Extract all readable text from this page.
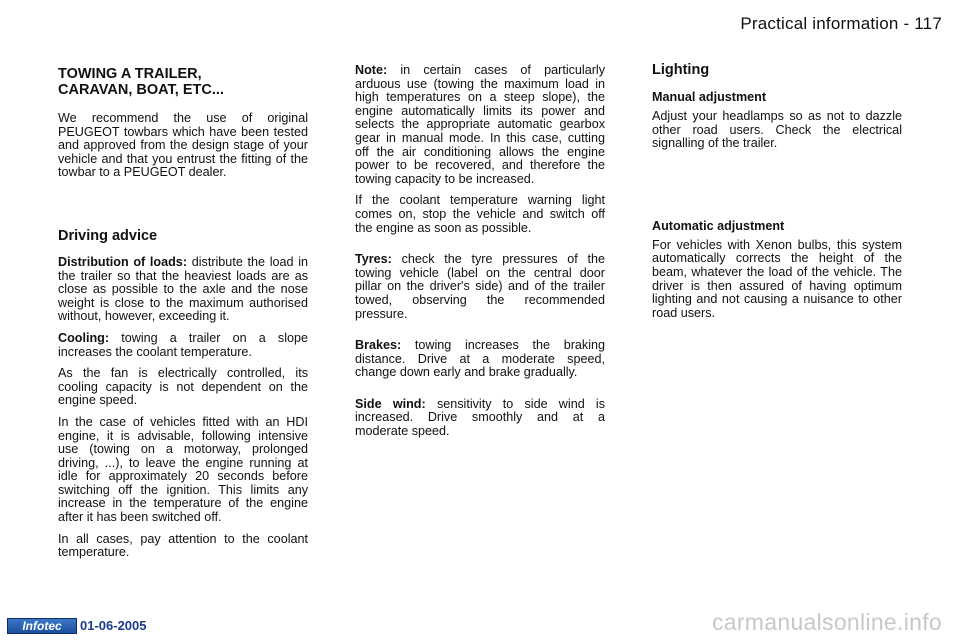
Practical information - 117
TOWING A TRAILER,
CARAVAN, BOAT, ETC...

We recommend the use of original PEUGEOT towbars which have been tested and approved from the design stage of your vehicle and that you entrust the fitting of the towbar to a PEUGEOT dealer.

Driving advice

Distribution of loads: distribute the load in the trailer so that the heaviest loads are as close as possible to the axle and the nose weight is close to the maximum authorised without, however, exceeding it.

Cooling: towing a trailer on a slope increases the coolant temperature.

As the fan is electrically controlled, its cooling capacity is not dependent on the engine speed.

In the case of vehicles fitted with an HDI engine, it is advisable, following intensive use (towing on a motorway, prolonged driving, ...), to leave the engine running at idle for approximately 20 seconds before switching off the ignition. This limits any increase in the temperature of the engine after it has been switched off.

In all cases, pay attention to the coolant temperature.

Note: in certain cases of particularly arduous use (towing the maximum load in high temperatures on a steep slope), the engine automatically limits its power and selects the appropriate automatic gearbox gear in manual mode. In this case, cutting off the air conditioning allows the engine power to be recovered, and therefore the towing capacity to be increased.

If the coolant temperature warning light comes on, stop the vehicle and switch off the engine as soon as possible.

Tyres: check the tyre pressures of the towing vehicle (label on the central door pillar on the driver's side) and of the trailer towed, observing the recommended pressure.

Brakes: towing increases the braking distance. Drive at a moderate speed, change down early and brake gradually.

Side wind: sensitivity to side wind is increased. Drive smoothly and at a moderate speed.

Lighting
Manual adjustment

Adjust your headlamps so as not to dazzle other road users. Check the electrical signalling of the trailer.

Automatic adjustment

For vehicles with Xenon bulbs, this system automatically corrects the height of the beam, whatever the load of the vehicle. The driver is then assured of having optimum lighting and not causing a nuisance to other road users.

Infotec	01-06-2005	carmanualsonline.info
